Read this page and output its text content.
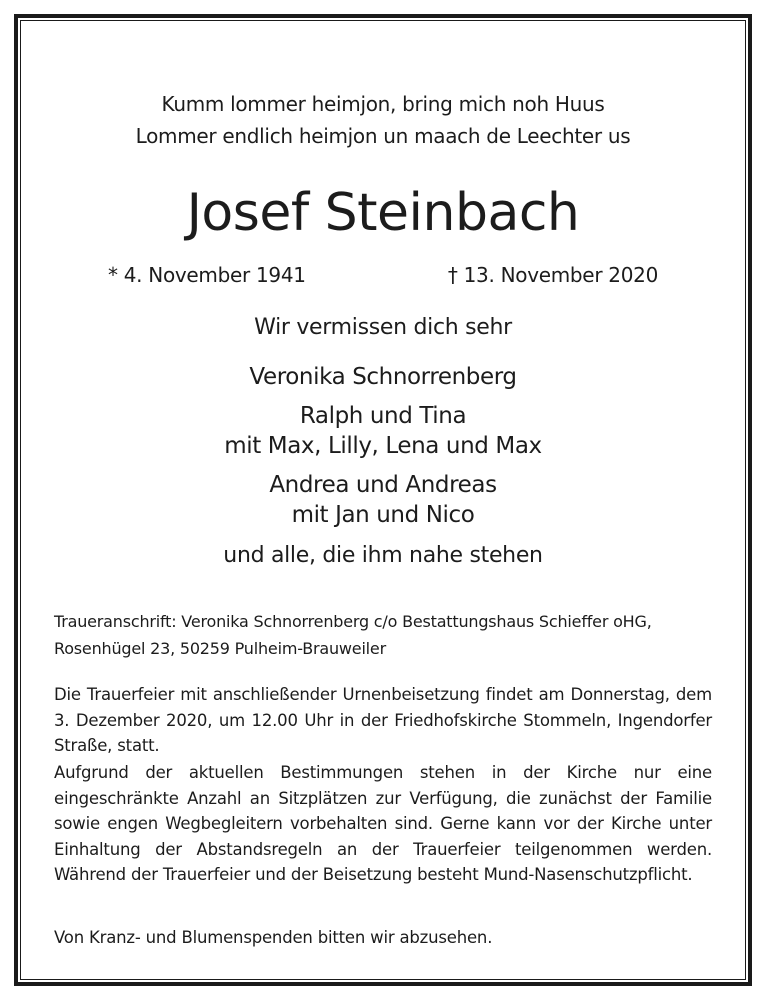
Kumm lommer heimjon, bring mich noh Huus
Lommer endlich heimjon un maach de Leechter us
Josef Steinbach
* 4. November 1941	† 13. November 2020
Wir vermissen dich sehr
Veronika Schnorrenberg
Ralph und Tina
mit Max, Lilly, Lena und Max
Andrea und Andreas
mit Jan und Nico
und alle, die ihm nahe stehen
Traueranschrift: Veronika Schnorrenberg c/o Bestattungshaus Schieffer oHG,
Rosenhügel 23, 50259 Pulheim-Brauweiler
Die Trauerfeier mit anschließender Urnenbeisetzung findet am Donnerstag, dem 3. Dezember 2020, um 12.00 Uhr in der Friedhofskirche Stommeln, Ingendorfer Straße, statt.
Aufgrund der aktuellen Bestimmungen stehen in der Kirche nur eine eingeschränkte Anzahl an Sitzplätzen zur Verfügung, die zunächst der Familie sowie engen Wegbegleitern vorbehalten sind. Gerne kann vor der Kirche unter Einhaltung der Abstandsregeln an der Trauerfeier teilgenommen werden. Während der Trauerfeier und der Beisetzung besteht Mund-Nasenschutzpflicht.
Von Kranz- und Blumenspenden bitten wir abzusehen.
